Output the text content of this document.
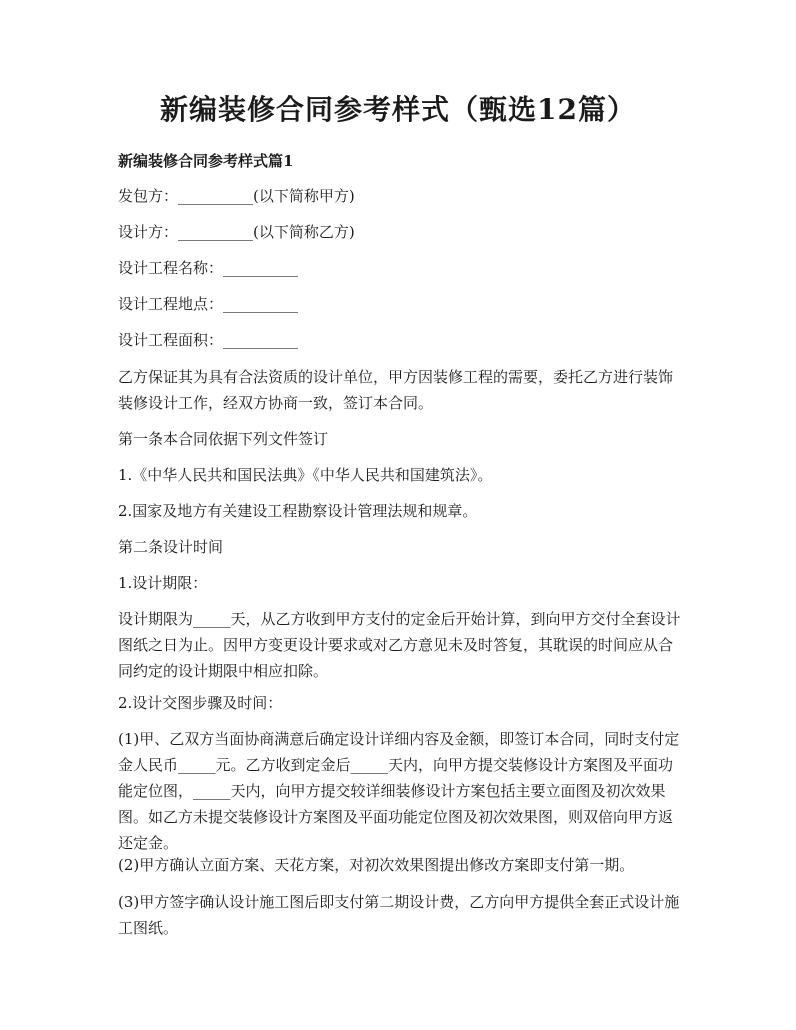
新编装修合同参考样式（甄选12篇）
新编装修合同参考样式篇1
发包方：__________(以下简称甲方)
设计方：__________(以下简称乙方)
设计工程名称：__________
设计工程地点：__________
设计工程面积：__________
乙方保证其为具有合法资质的设计单位，甲方因装修工程的需要，委托乙方进行装饰装修设计工作，经双方协商一致，签订本合同。
第一条本合同依据下列文件签订
1.《中华人民共和国民法典》《中华人民共和国建筑法》。
2.国家及地方有关建设工程勘察设计管理法规和规章。
第二条设计时间
1.设计期限：
设计期限为_____天，从乙方收到甲方支付的定金后开始计算，到向甲方交付全套设计图纸之日为止。因甲方变更设计要求或对乙方意见未及时答复，其耽误的时间应从合同约定的设计期限中相应扣除。
2.设计交图步骤及时间：
(1)甲、乙双方当面协商满意后确定设计详细内容及金额，即签订本合同，同时支付定金人民币_____元。乙方收到定金后_____天内，向甲方提交装修设计方案图及平面功能定位图，_____天内，向甲方提交较详细装修设计方案包括主要立面图及初次效果图。如乙方未提交装修设计方案图及平面功能定位图及初次效果图，则双倍向甲方返还定金。
(2)甲方确认立面方案、天花方案，对初次效果图提出修改方案即支付第一期。
(3)甲方签字确认设计施工图后即支付第二期设计费，乙方向甲方提供全套正式设计施工图纸。
